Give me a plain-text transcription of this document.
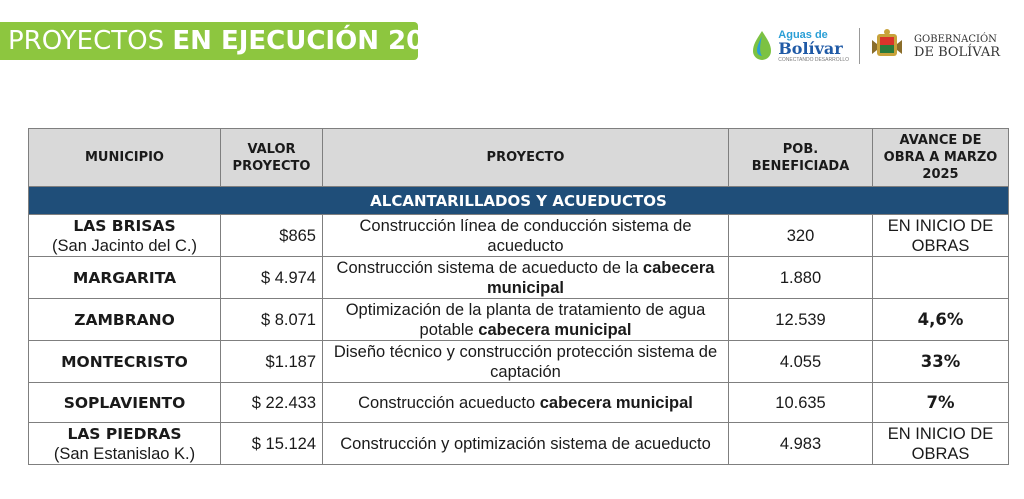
PROYECTOS EN EJECUCIÓN 2025	Aguas de
Bolívar
CONECTANDO DESARROLLO
GOBERNACIÓN
DE BOLÍVAR
MUNICIPIO	VALOR PROYECTO	PROYECTO	POB. BENEFICIADA	AVANCE DE OBRA A MARZO 2025
ALCANTARILLADOS Y ACUEDUCTOS				
LAS BRISAS
(San Jacinto del C.)	$865	Construcción línea de conducción sistema de acueducto	320	EN INICIO DE OBRAS
MARGARITA	$ 4.974	Construcción sistema de acueducto de la cabecera municipal	1.880	
ZAMBRANO	$ 8.071	Optimización de la planta de tratamiento de agua potable cabecera municipal	12.539	4,6%
MONTECRISTO	$1.187	Diseño técnico y construcción protección sistema de captación	4.055	33%
SOPLAVIENTO	$ 22.433	Construcción acueducto cabecera municipal	10.635	7%
LAS PIEDRAS
(San Estanislao K.)	$ 15.124	Construcción y optimización sistema de acueducto	4.983	EN INICIO DE OBRAS
